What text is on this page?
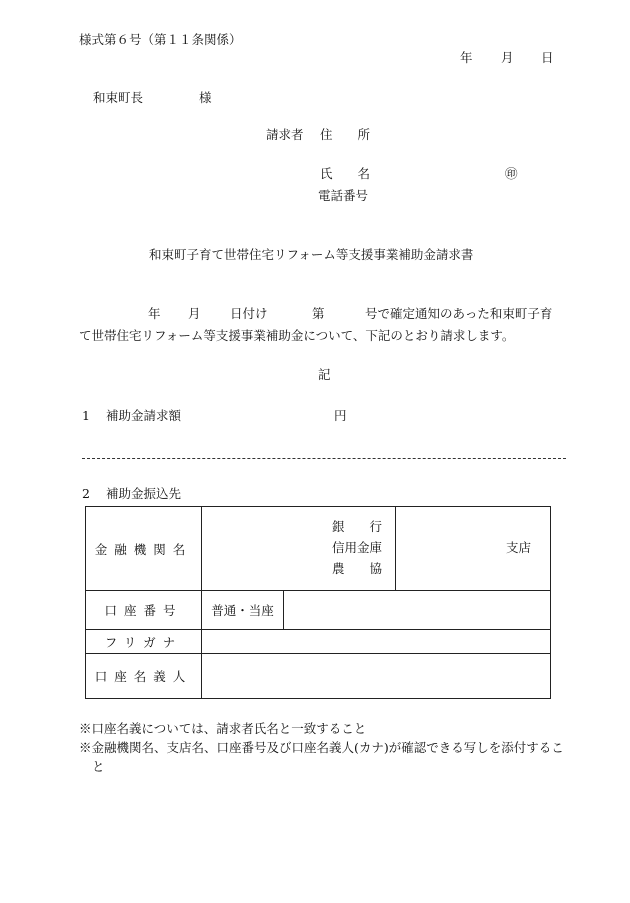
様式第６号（第１１条関係）
年 月 日
和束町長	様
請求者 住　　所
氏　　名	㊞
電話番号
和束町子育て世帯住宅リフォーム等支援事業補助金請求書
年 月 日付け	第	号で確定通知のあった和束町子育
て世帯住宅リフォーム等支援事業補助金について、下記のとおり請求します。
記
1 補助金請求額	円
2 補助金振込先
金融機関名	銀　　行
信用金庫
農　　協		支店

口座番号	普通・当座		
フリガナ			
口座名義人			
※口座名義については、請求者氏名と一致すること
※金融機関名、支店名、口座番号及び口座名義人(カナ)が確認できる写しを添付すること
